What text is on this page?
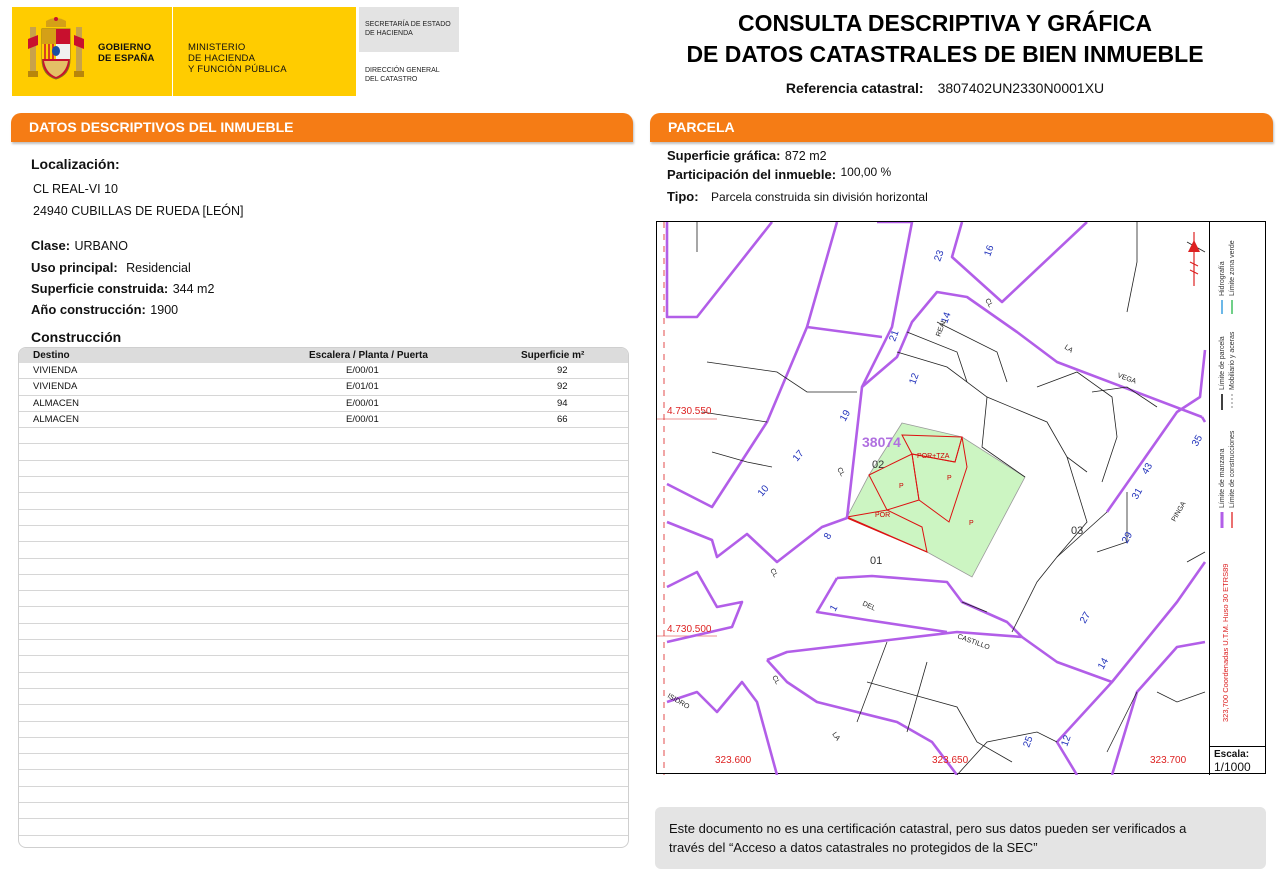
GOBIERNO
DE ESPAÑA
MINISTERIO
DE HACIENDA
Y FUNCIÓN PÚBLICA
SECRETARÍA DE ESTADO
DE HACIENDA
DIRECCIÓN GENERAL
DEL CATASTRO
CONSULTA DESCRIPTIVA Y GRÁFICA
DE DATOS CATASTRALES DE BIEN INMUEBLE
Referencia catastral: 3807402UN2330N0001XU
DATOS DESCRIPTIVOS DEL INMUEBLE
Localización:
CL REAL-VI 10
24940 CUBILLAS DE RUEDA [LEÓN]
Clase: URBANO
Uso principal: Residencial
Superficie construida: 344 m2
Año construcción: 1900
Construcción
Destino	Escalera / Planta / Puerta	Superficie m²
VIVIENDA	E/00/01	92
VIVIENDA	E/01/01	92
ALMACEN	E/00/01	94
ALMACEN	E/00/01	66
PARCELA
Superficie gráfica: 872 m2
Participación del inmueble: 100,00 %
Tipo: Parcela construida sin división horizontal
4.730.550
4.730.500
323.600	323.650	323.700
38074
02
01
03
POR+TZA
P
P
POR
P
23	16
14
21
12
19
17
10
8
1
35
43
31
29
27
14
25 12
CL
REAL
LA
VEGA
CL
DEL
CASTILLO
CL
LA
CL
PINGA
ISIDRO
Hidrografía Límite zona verde
Límite de parcela Mobiliario y aceras
Límite de manzana Límite de construcciones
323,700 Coordenadas U.T.M. Huso 30 ETRS89
Escala:
1/1000
Este documento no es una certificación catastral, pero sus datos pueden ser verificados a
través del “Acceso a datos catastrales no protegidos de la SEC”
